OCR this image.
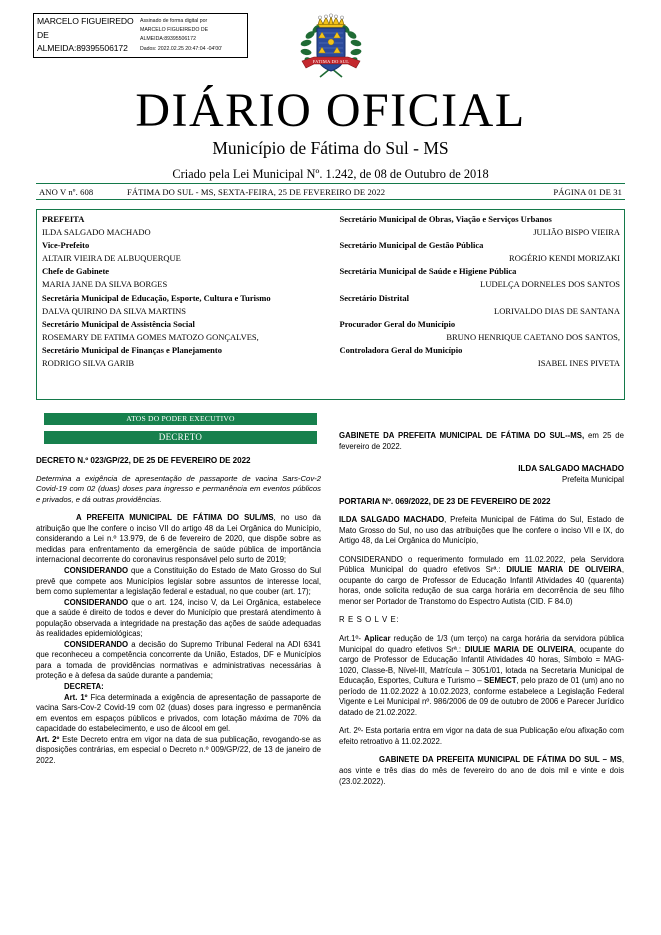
MARCELO FIGUEIREDO DE ALMEIDA:89395506172
Assinado de forma digital por
MARCELO FIGUEIREDO DE
ALMEIDA:89395506172
Dados: 2022.02.25 20:47:04 -04'00'
FATIMA DO SUL
DIÁRIO OFICIAL
Município de Fátima do Sul - MS
Criado pela Lei Municipal Nº. 1.242, de 08 de Outubro de 2018
ANO V nº. 608	FÁTIMA DO SUL - MS, SEXTA-FEIRA, 25 DE FEVEREIRO DE 2022	PÁGINA 01 DE 31
PREFEITA
ILDA SALGADO MACHADO
Vice-Prefeito
ALTAIR VIEIRA DE ALBUQUERQUE
Chefe de Gabinete
MARIA JANE DA SILVA BORGES
Secretária Municipal de Educação, Esporte, Cultura e Turismo
DALVA QUIRINO DA SILVA MARTINS
Secretário Municipal de Assistência Social
ROSEMARY DE FATIMA GOMES MATOZO GONÇALVES,
Secretário Municipal de Finanças e Planejamento
RODRIGO SILVA GARIB
Secretário Municipal de Obras, Viação e Serviços Urbanos
JULIÃO BISPO VIEIRA
Secretário Municipal de Gestão Pública
ROGÉRIO KENDI MORIZAKI
Secretária Municipal de Saúde e Higiene Pública
LUDELÇA DORNELES DOS SANTOS
Secretário Distrital
LORIVALDO DIAS DE SANTANA
Procurador Geral do Município
BRUNO HENRIQUE CAETANO DOS SANTOS,
Controladora Geral do Município
ISABEL INES PIVETA
ATOS DO PODER EXECUTIVO
DECRETO
DECRETO N.º 023/GP/22, DE 25 DE FEVEREIRO DE 2022
Determina a exigência de apresentação de passaporte de vacina Sars-Cov-2 Covid-19 com 02 (duas) doses para ingresso e permanência em eventos públicos e privados, e dá outras providências.
A PREFEITA MUNICIPAL DE FÁTIMA DO SUL/MS, no uso da atribuição que lhe confere o inciso VII do artigo 48 da Lei Orgânica do Município, considerando a Lei n.º 13.979, de 6 de fevereiro de 2020, que dispõe sobre as medidas para enfrentamento da emergência de saúde pública de importância internacional decorrente do coronavirus responsável pelo surto de 2019;
CONSIDERANDO que a Constituição do Estado de Mato Grosso do Sul prevê que compete aos Municípios legislar sobre assuntos de interesse local, bem como suplementar a legislação federal e estadual, no que couber (art. 17);
CONSIDERANDO que o art. 124, inciso V, da Lei Orgânica, estabelece que a saúde é direito de todos e dever do Município que prestará atendimento à população observada a integridade na prestação das ações de saúde adequadas às realidades epidemiológicas;
CONSIDERANDO a decisão do Supremo Tribunal Federal na ADI 6341 que reconheceu a competência concorrente da União, Estados, DF e Municípios para a tomada de providências normativas e administrativas necessárias à proteção e à defesa da saúde durante a pandemia;
DECRETA:
Art. 1º Fica determinada a exigência de apresentação de passaporte de vacina Sars-Cov-2 Covid-19 com 02 (duas) doses para ingresso e permanência em eventos em espaços públicos e privados, com lotação máxima de 70% da capacidade do estabelecimento, e uso de álcool em gel.
Art. 2º Este Decreto entra em vigor na data de sua publicação, revogando-se as disposições contrárias, em especial o Decreto n.º 009/GP/22, de 13 de janeiro de 2022.
GABINETE DA PREFEITA MUNICIPAL DE FÁTIMA DO SUL--MS, em 25 de fevereiro de 2022.
ILDA SALGADO MACHADO
Prefeita Municipal
PORTARIA Nº. 069/2022, DE 23 DE FEVEREIRO DE 2022
ILDA SALGADO MACHADO, Prefeita Municipal de Fátima do Sul, Estado de Mato Grosso do Sul, no uso das atribuições que lhe confere o inciso VII e IX, do Artigo 48, da Lei Orgânica do Município,
CONSIDERANDO o requerimento formulado em 11.02.2022, pela Servidora Pública Municipal do quadro efetivos Srª.: DIULIE MARIA DE OLIVEIRA, ocupante do cargo de Professor de Educação Infantil Atividades 40 (quarenta) horas, onde solicita redução de sua carga horária em decorrência de seu filho menor ser Portador de Transtomo do Espectro Autista (CID. F 84.0)
R E S O L V E:
Art.1º- Aplicar redução de 1/3 (um terço) na carga horária da servidora pública Municipal do quadro efetivos Srª.: DIULIE MARIA DE OLIVEIRA, ocupante do cargo de Professor de Educação Infantil Atividades 40 horas, Símbolo = MAG-1020, Classe-B, Nível-III, Matrícula – 3051/01, lotada na Secretaria Municipal de Educação, Esportes, Cultura e Turismo – SEMECT, pelo prazo de 01 (um) ano no período de 11.02.2022 à 10.02.2023, conforme estabelece a Legislação Federal Vigente e Lei Municipal nº. 986/2006 de 09 de outubro de 2006 e Parecer Jurídico datado de 21.02.2022.
Art. 2º- Esta portaria entra em vigor na data de sua Publicação e/ou afixação com efeito retroativo à 11.02.2022.
GABINETE DA PREFEITA MUNICIPAL DE FÁTIMA DO SUL – MS, aos vinte e três dias do mês de fevereiro do ano de dois mil e vinte e dois (23.02.2022).
